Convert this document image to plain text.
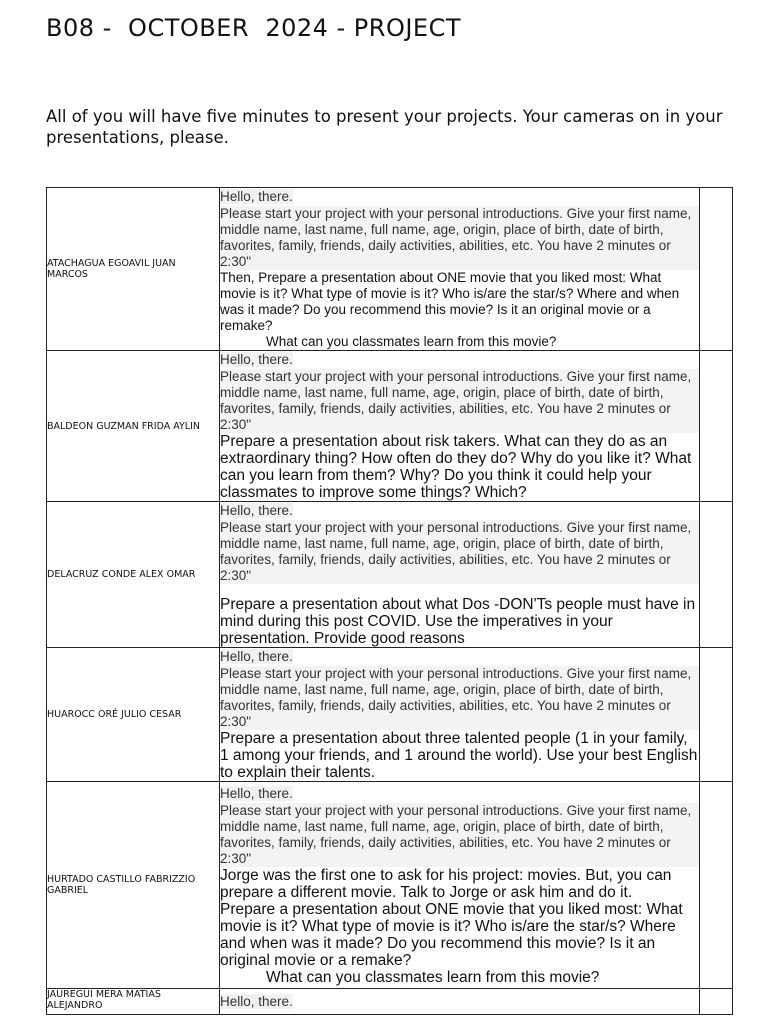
B08 -  OCTOBER  2024 - PROJECT

All of you will have five minutes to present your projects. Your cameras on in your presentations, please.

ATACHAGUA EGOAVIL JUAN MARCOS	Hello, there.
Please start your project with your personal introductions. Give your first name, middle name, last name, full name, age, origin, place of birth, date of birth, favorites, family, friends, daily activities, abilities, etc. You have 2 minutes or 2:30"
Then, Prepare a presentation about ONE movie that you liked most: What movie is it? What type of movie is it? Who is/are the star/s? Where and when was it made? Do you recommend this movie? Is it an original movie or a remake?
What can you classmates learn from this movie?	

BALDEON GUZMAN FRIDA AYLIN	Hello, there.
Please start your project with your personal introductions. Give your first name, middle name, last name, full name, age, origin, place of birth, date of birth, favorites, family, friends, daily activities, abilities, etc. You have 2 minutes or 2:30"
Prepare a presentation about risk takers. What can they do as an extraordinary thing? How often do they do? Why do you like it? What can you learn from them? Why? Do you think it could help your classmates to improve some things? Which?	

DELACRUZ CONDE ALEX OMAR	Hello, there.
Please start your project with your personal introductions. Give your first name, middle name, last name, full name, age, origin, place of birth, date of birth, favorites, family, friends, daily activities, abilities, etc. You have 2 minutes or 2:30"
Prepare a presentation about what Dos -DON'Ts people must have in mind during this post COVID. Use the imperatives in your presentation. Provide good reasons	

HUAROCC ORÉ JULIO CESAR	Hello, there.
Please start your project with your personal introductions. Give your first name, middle name, last name, full name, age, origin, place of birth, date of birth, favorites, family, friends, daily activities, abilities, etc. You have 2 minutes or 2:30"
Prepare a presentation about three talented people (1 in your family, 1 among your friends, and 1 around the world). Use your best English to explain their talents.	

HURTADO CASTILLO FABRIZZIO GABRIEL	Hello, there.
Please start your project with your personal introductions. Give your first name, middle name, last name, full name, age, origin, place of birth, date of birth, favorites, family, friends, daily activities, abilities, etc. You have 2 minutes or 2:30"
Jorge was the first one to ask for his project: movies. But, you can prepare a different movie. Talk to Jorge or ask him and do it.
Prepare a presentation about ONE movie that you liked most: What movie is it? What type of movie is it? Who is/are the star/s? Where and when was it made? Do you recommend this movie? Is it an original movie or a remake?
What can you classmates learn from this movie?	

JAUREGUI MERA MATIAS ALEJANDRO	Hello, there.	
